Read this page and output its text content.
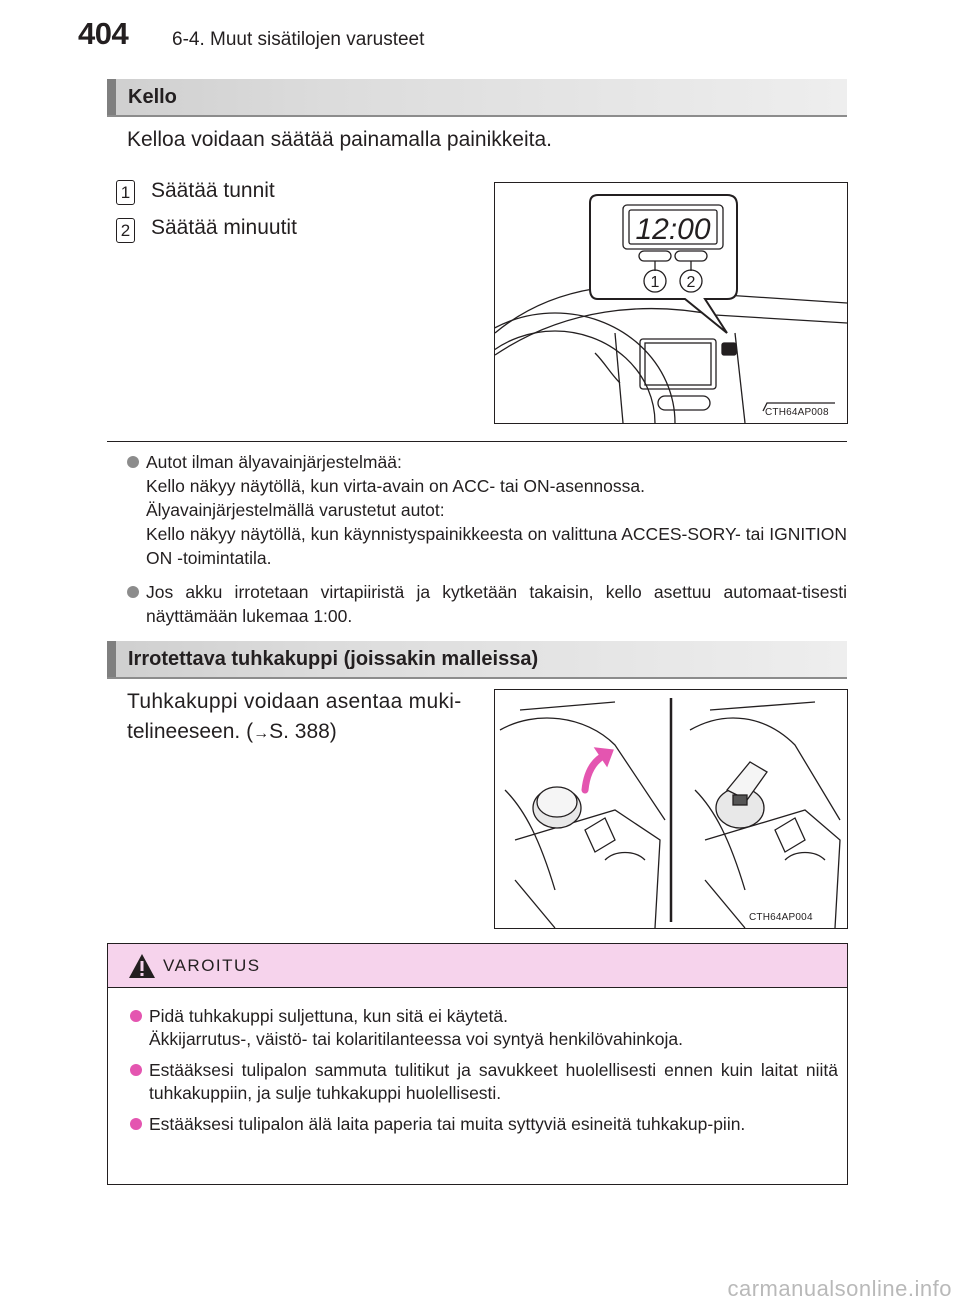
404 6-4. Muut sisätilojen varusteet
Kello
Kelloa voidaan säätää painamalla painikkeita.
1 Säätää tunnit
2 Säätää minuutit	12:00
1 2
CTH64AP008
Autot ilman älyavainjärjestelmää:
Kello näkyy näytöllä, kun virta-avain on ACC- tai ON-asennossa.
Älyavainjärjestelmällä varustetut autot:
Kello näkyy näytöllä, kun käynnistyspainikkeesta on valittuna ACCES-SORY- tai IGNITION ON -toimintatila.
Jos akku irrotetaan virtapiiristä ja kytketään takaisin, kello asettuu automaat-tisesti näyttämään lukemaa 1:00.
Irrotettava tuhkakuppi (joissakin malleissa)
Tuhkakuppi voidaan asentaa muki-
telineeseen. (→S. 388)
CTH64AP004
VAROITUS
Pidä tuhkakuppi suljettuna, kun sitä ei käytetä.
Äkkijarrutus-, väistö- tai kolaritilanteessa voi syntyä henkilövahinkoja.
Estääksesi tulipalon sammuta tulitikut ja savukkeet huolellisesti ennen kuin laitat niitä tuhkakuppiin, ja sulje tuhkakuppi huolellisesti.
Estääksesi tulipalon älä laita paperia tai muita syttyviä esineitä tuhkakup-piin.
carmanualsonline.info
